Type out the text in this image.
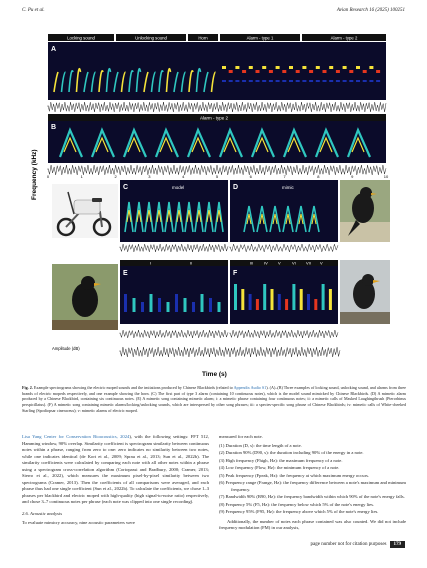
C. Pu et al.	Avian Research 16 (2025) 100251
Frequency (kHz)
Locking sound	Unlocking sound	Horn	Alarm - type 1	Alarm - type 2
A
Alarm - type 2
B
0	1	2	3	4	5	6	7	8	9	10
C	model	D	mimic
I	II
E
III	IV	V	VI	VII V
F
Amplitude (dB)
Time (s)
Fig. 2. Example spectrograms showing the electric moped sounds and the imitations produced by Chinese Blackbirds (related to Appendix Audio S1). (A)–(B) Three examples of locking sound, unlocking sound, and alarms from three brands of electric mopeds respectively, and one example showing the horn. (C) The first part of type 3 alarm (containing 10 continuous notes), which is the model sound mimicked by Chinese Blackbirds. (D) A mimetic alarm produced by a Chinese Blackbird, containing six continuous notes. (E) A mimetic song containing mimetic alarm; i: a mimetic phrase containing four continuous notes; ii: a mimetic calls of Masked Laughingthrush (Pterorhinus perspicillatus). (F) A mimetic song containing mimetic alarms/locking/unlocking sounds, which are interspersed by other song phrases; iii: a species-specific song phrase of Chinese Blackbirds; iv: mimetic calls of White-cheeked Starling (Spodiopsar cineraceus); v: mimetic alarms of electric moped.

Lisa Yang Center for Conservation Bioacoustics, 2024), with the following settings: FFT 512, Hamming window, 90% overlap. Similarity coefficient is spectrogram similarity between continuous notes within a phrase, ranging from zero to one: zero indicates no similarity between two notes, while one indicates identical (de Kort et al., 2009; Sprau et al., 2013; Sun et al., 2022b). The similarity coefficients were calculated by comparing each note with all other notes within a phrase using a spectrogram cross-correlation algorithm (Cortopassi and Bradbury, 2000; Cramer, 2013; Sierro et al., 2022), which measures the maximum pixel-by-pixel similarity between two spectrograms (Cramer, 2013). Then the coefficients of all comparisons were averaged, and each phrase thus had one single coefficient (Sun et al., 2022b). To calculate the coefficients, we chose 1–3 phrases per blackbird and electric moped with high-quality (high signal-to-noise ratio) respectively, and chose 3–7 continuous notes per phrase (each note was clipped into one single recording).

2.6. Acoustic analysis

To evaluate mimicry accuracy, nine acoustic parameters were

measured for each note.

(1) Duration (D, s): the time length of a note.
(2) Duration 90% (D90, s): the duration including 90% of the energy in a note.
(3) High frequency (Fhigh, Hz): the maximum frequency of a note.
(4) Low frequency (Flow, Hz): the minimum frequency of a note.
(5) Peak frequency (Fpeak, Hz): the frequency at which maximum energy occurs.
(6) Frequency range (Frange, Hz): the frequency difference between a note's maximum and minimum frequency.
(7) Bandwidth 90% (B90, Hz): the frequency bandwidth within which 90% of the note's energy falls.
(8) Frequency 5% (F5, Hz): the frequency below which 5% of the note's energy lies.
(9) Frequency 95% (F95, Hz): the frequency above which 5% of the note's energy lies.

Additionally, the number of notes each phrase contained was also counted. We did not include frequency modulation (FM) in our analysis,

page number not for citation purposes 179
